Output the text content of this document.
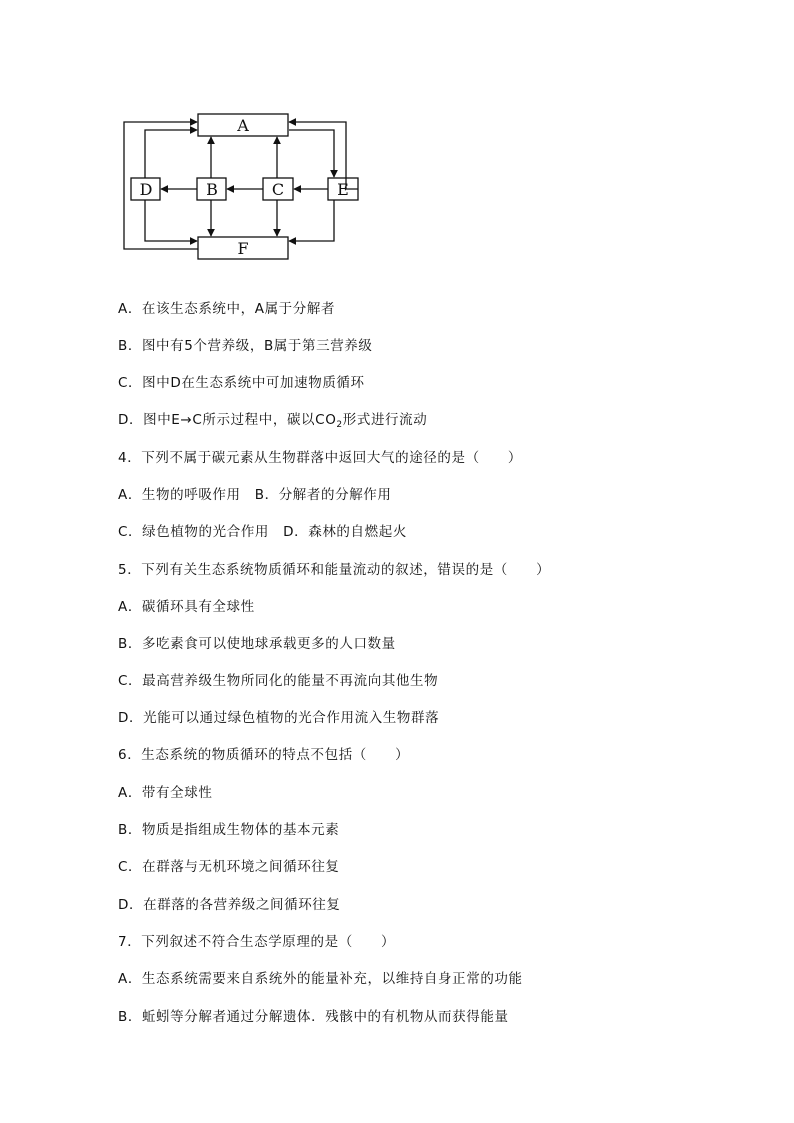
A
F
D	B	C	E

A．在该生态系统中，A属于分解者

B．图中有5个营养级，B属于第三营养级

C．图中D在生态系统中可加速物质循环

D．图中E→C所示过程中，碳以$CO_2$形式进行流动

4．下列不属于碳元素从生物群落中返回大气的途径的是（　　）

A．生物的呼吸作用　B．分解者的分解作用

C．绿色植物的光合作用　D．森林的自燃起火

5．下列有关生态系统物质循环和能量流动的叙述，错误的是（　　）

A．碳循环具有全球性

B．多吃素食可以使地球承载更多的人口数量

C．最高营养级生物所同化的能量不再流向其他生物

D．光能可以通过绿色植物的光合作用流入生物群落

6．生态系统的物质循环的特点不包括（　　）

A．带有全球性

B．物质是指组成生物体的基本元素

C．在群落与无机环境之间循环往复

D．在群落的各营养级之间循环往复

7．下列叙述不符合生态学原理的是（　　）

A．生态系统需要来自系统外的能量补充，以维持自身正常的功能

B．蚯蚓等分解者通过分解遗体．残骸中的有机物从而获得能量
